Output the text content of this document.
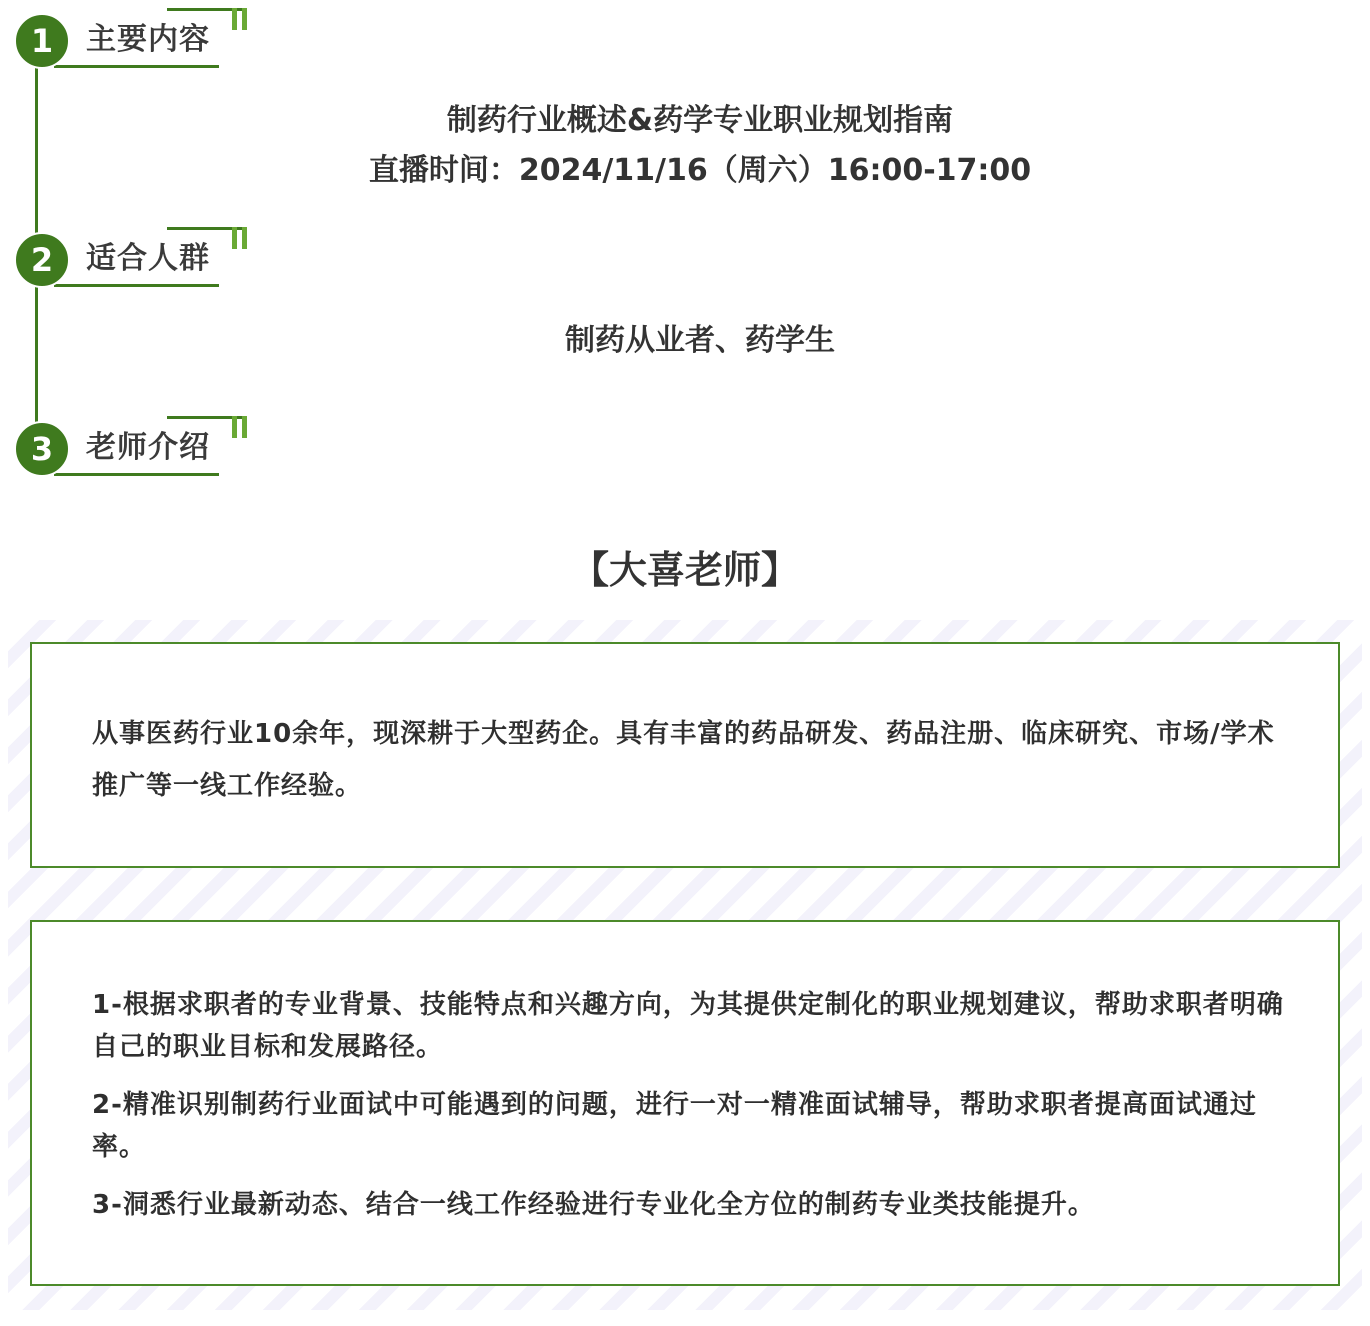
1	主要内容
制药行业概述&药学专业职业规划指南
直播时间：2024/11/16（周六）16:00-17:00
2	适合人群
制药从业者、药学生
3	老师介绍
【大喜老师】

从事医药行业10余年，现深耕于大型药企。具有丰富的药品研发、药品注册、临床研究、市场/学术推广等一线工作经验。

1-根据求职者的专业背景、技能特点和兴趣方向，为其提供定制化的职业规划建议，帮助求职者明确自己的职业目标和发展路径。
2-精准识别制药行业面试中可能遇到的问题，进行一对一精准面试辅导，帮助求职者提高面试通过率。
3-洞悉行业最新动态、结合一线工作经验进行专业化全方位的制药专业类技能提升。
